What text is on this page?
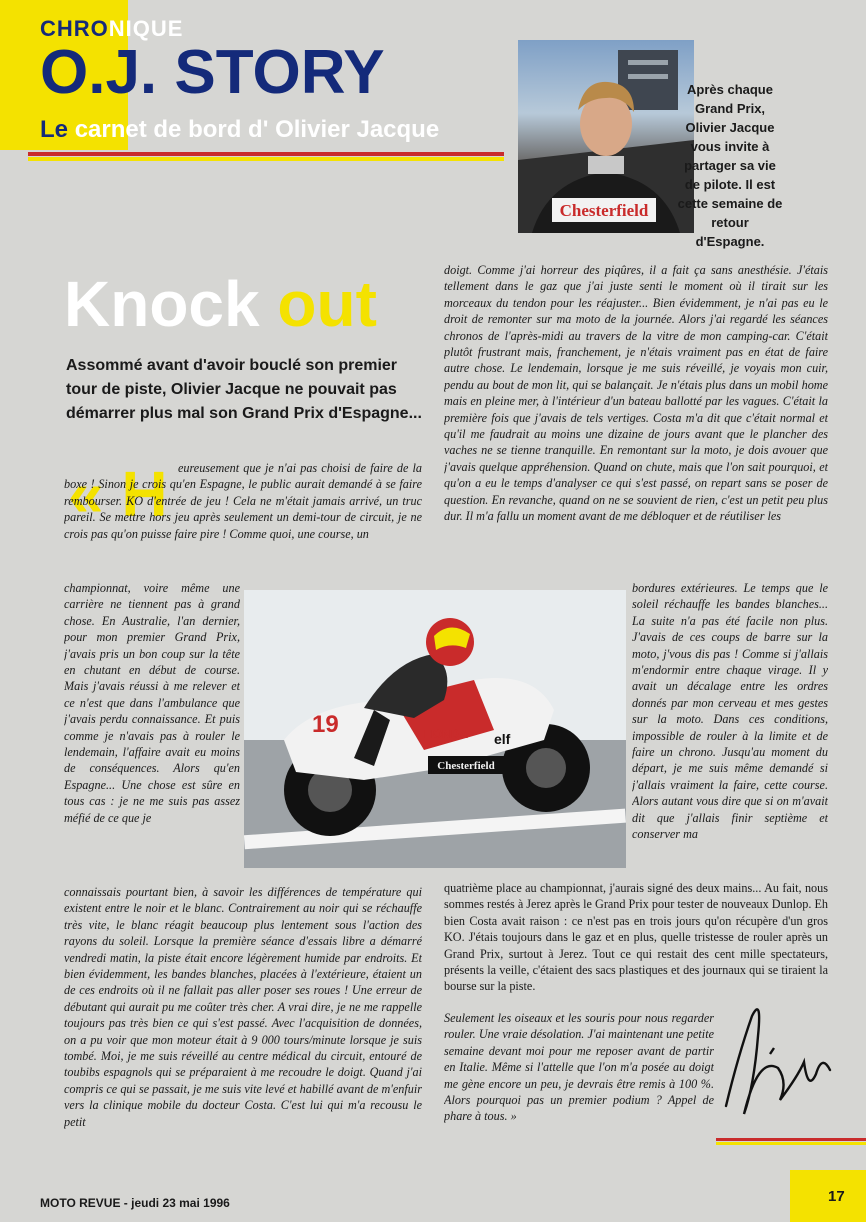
CHRONIQUE
O.J. STORY
Le carnet de bord d' Olivier Jacque
Chesterfield
Après chaque Grand Prix, Olivier Jacque vous invite à partager sa vie de pilote. Il est cette semaine de retour d'Espagne.
Knock out
Assommé avant d'avoir bouclé son premier tour de piste, Olivier Jacque ne pouvait pas démarrer plus mal son Grand Prix d'Espagne...
« H eureusement que je n'ai pas choisi de faire de la boxe ! Sinon je crois qu'en Espagne, le public aurait demandé à se faire rembourser. KO d'entrée de jeu ! Cela ne m'était jamais arrivé, un truc pareil. Se mettre hors jeu après seulement un demi-tour de circuit, je ne crois pas qu'on puisse faire pire ! Comme quoi, une course, un

championnat, voire même une carrière ne tiennent pas à grand chose. En Australie, l'an dernier, pour mon premier Grand Prix, j'avais pris un bon coup sur la tête en chutant en début de course. Mais j'avais réussi à me relever et ce n'est que dans l'ambulance que j'avais perdu connaissance. Et puis comme je n'avais pas à rouler le lendemain, l'affaire avait eu moins de conséquences. Alors qu'en Espagne... Une chose est sûre en tous cas : je ne me suis pas assez méfié de ce que je

connaissais pourtant bien, à savoir les différences de température qui existent entre le noir et le blanc. Contrairement au noir qui se réchauffe très vite, le blanc réagit beaucoup plus lentement sous l'action des rayons du soleil. Lorsque la première séance d'essais libre a démarré vendredi matin, la piste était encore légèrement humide par endroits. Et bien évidemment, les bandes blanches, placées à l'extérieure, étaient un de ces endroits où il ne fallait pas aller poser ses roues ! Une erreur de débutant qui aurait pu me coûter très cher. A vrai dire, je ne me rappelle toujours pas très bien ce qui s'est passé. Avec l'acquisition de données, on a pu voir que mon moteur était à 9 000 tours/minute lorsque je suis tombé. Moi, je me suis réveillé au centre médical du circuit, entouré de toubibs espagnols qui se préparaient à me recoudre le doigt. Quand j'ai compris ce qui se passait, je me suis vite levé et habillé avant de m'enfuir vers la clinique mobile du docteur Costa. C'est lui qui m'a recousu le petit

doigt. Comme j'ai horreur des piqûres, il a fait ça sans anesthésie. J'étais tellement dans le gaz que j'ai juste senti le moment où il tirait sur les morceaux du tendon pour les réajuster... Bien évidemment, je n'ai pas eu le droit de remonter sur ma moto de la journée. Alors j'ai regardé les séances chronos de l'après-midi au travers de la vitre de mon camping-car. C'était plutôt frustrant mais, franchement, je n'étais vraiment pas en état de faire autre chose. Le lendemain, lorsque je me suis réveillé, je voyais mon cuir, pendu au bout de mon lit, qui se balançait. Je n'étais plus dans un mobil home mais en pleine mer, à l'intérieur d'un bateau ballotté par les vagues. C'était la première fois que j'avais de tels vertiges. Costa m'a dit que c'était normal et qu'il me faudrait au moins une dizaine de jours avant que le plancher des vaches ne se tienne tranquille. En remontant sur la moto, je dois avouer que j'avais quelque appréhension. Quand on chute, mais que l'on sait pourquoi, et qu'on a eu le temps d'analyser ce qui s'est passé, on repart sans se poser de question. En revanche, quand on ne se souvient de rien, c'est un petit peu plus dur. Il m'a fallu un moment avant de me débloquer et de réutiliser les

bordures extérieures. Le temps que le soleil réchauffe les bandes blanches... La suite n'a pas été facile non plus. J'avais de ces coups de barre sur la moto, j'vous dis pas ! Comme si j'allais m'endormir entre chaque virage. Il y avait un décalage entre les ordres donnés par mon cerveau et mes gestes sur la moto. Dans ces conditions, impossible de rouler à la limite et de faire un chrono. Jusqu'au moment du départ, je me suis même demandé si j'allais vraiment la faire, cette course. Alors autant vous dire que si on m'avait dit que j'allais finir septième et conserver ma

quatrième place au championnat, j'aurais signé des deux mains... Au fait, nous sommes restés à Jerez après le Grand Prix pour tester de nouveaux Dunlop. Eh bien Costa avait raison : ce n'est pas en trois jours qu'on récupère d'un gros KO. J'étais toujours dans le gaz et en plus, quelle tristesse de rouler après un Grand Prix, surtout à Jerez. Tout ce qui restait des cent mille spectateurs, présents la veille, c'étaient des sacs plastiques et des journaux qui se tiraient la bourse sur la piste.

Seulement les oiseaux et les souris pour nous regarder rouler. Une vraie désolation. J'ai maintenant une petite semaine devant moi pour me reposer avant de partir en Italie. Même si l'attelle que l'on m'a posée au doigt me gène encore un peu, je devrais être remis à 100 %. Alors pourquoi pas un premier podium ? Appel de phare à tous. »

19	HONDA elf
Chesterfield
MOTO REVUE - jeudi 23 mai 1996	17
